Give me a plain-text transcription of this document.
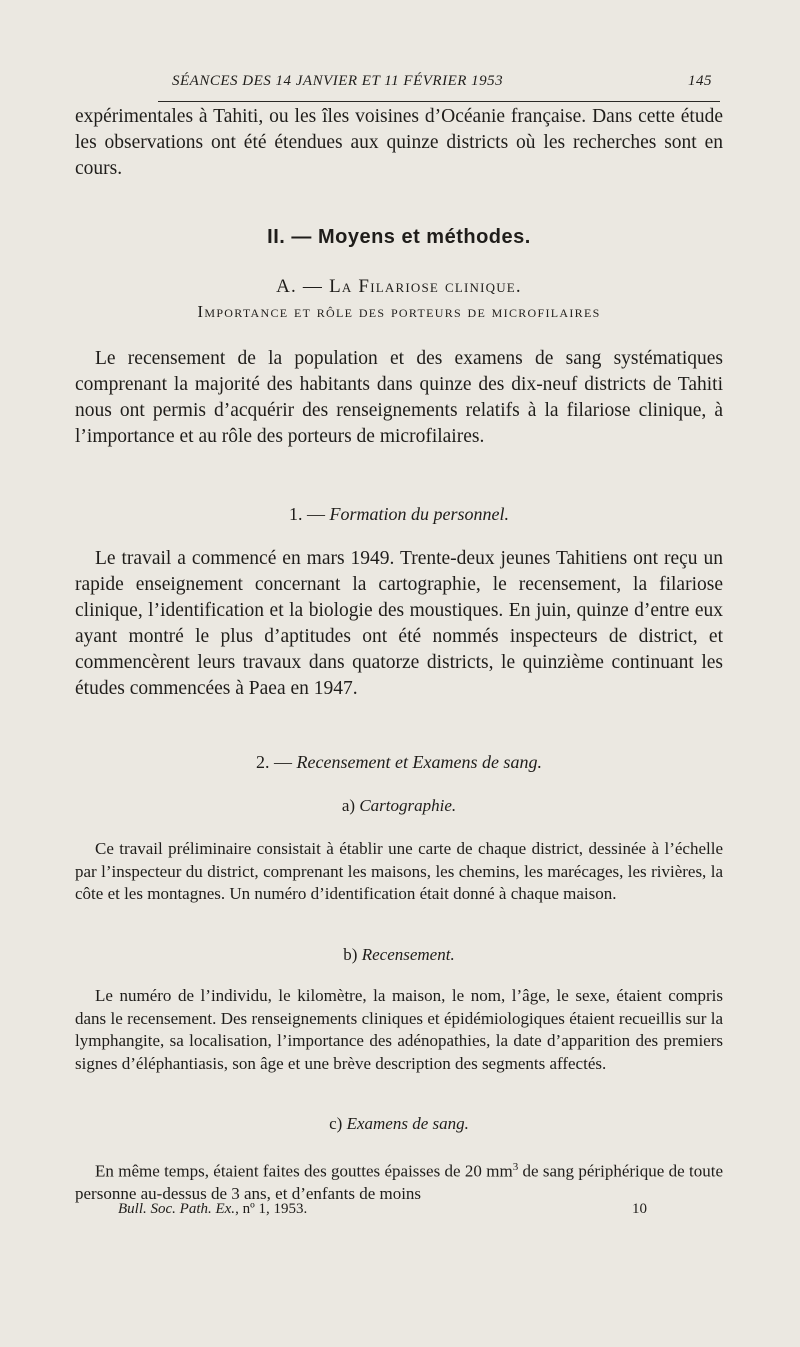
SÉANCES DES 14 JANVIER ET 11 FÉVRIER 1953	145

expérimentales à Tahiti, ou les îles voisines d’Océanie française. Dans cette étude les observations ont été étendues aux quinze districts où les recherches sont en cours.

II. — Moyens et méthodes.
A. — La Filariose clinique.
Importance et rôle des porteurs de microfilaires

Le recensement de la population et des examens de sang systématiques comprenant la majorité des habitants dans quinze des dix-neuf districts de Tahiti nous ont permis d’acquérir des renseignements relatifs à la filariose clinique, à l’importance et au rôle des porteurs de microfilaires.

1. — Formation du personnel.

Le travail a commencé en mars 1949. Trente-deux jeunes Tahitiens ont reçu un rapide enseignement concernant la cartographie, le recensement, la filariose clinique, l’identification et la biologie des moustiques. En juin, quinze d’entre eux ayant montré le plus d’aptitudes ont été nommés inspecteurs de district, et commencèrent leurs travaux dans quatorze districts, le quinzième continuant les études commencées à Paea en 1947.

2. — Recensement et Examens de sang.
a) Cartographie.

Ce travail préliminaire consistait à établir une carte de chaque district, dessinée à l’échelle par l’inspecteur du district, comprenant les maisons, les chemins, les marécages, les rivières, la côte et les montagnes. Un numéro d’identification était donné à chaque maison.

b) Recensement.

Le numéro de l’individu, le kilomètre, la maison, le nom, l’âge, le sexe, étaient compris dans le recensement. Des renseignements cliniques et épidémiologiques étaient recueillis sur la lymphangite, sa localisation, l’importance des adénopathies, la date d’apparition des premiers signes d’éléphantiasis, son âge et une brève description des segments affectés.

c) Examens de sang.

En même temps, étaient faites des gouttes épaisses de 20 $mm^3$ de sang périphérique de toute personne au-dessus de 3 ans, et d’enfants de moins

Bull. Soc. Path. Ex., nº 1, 1953.	10
